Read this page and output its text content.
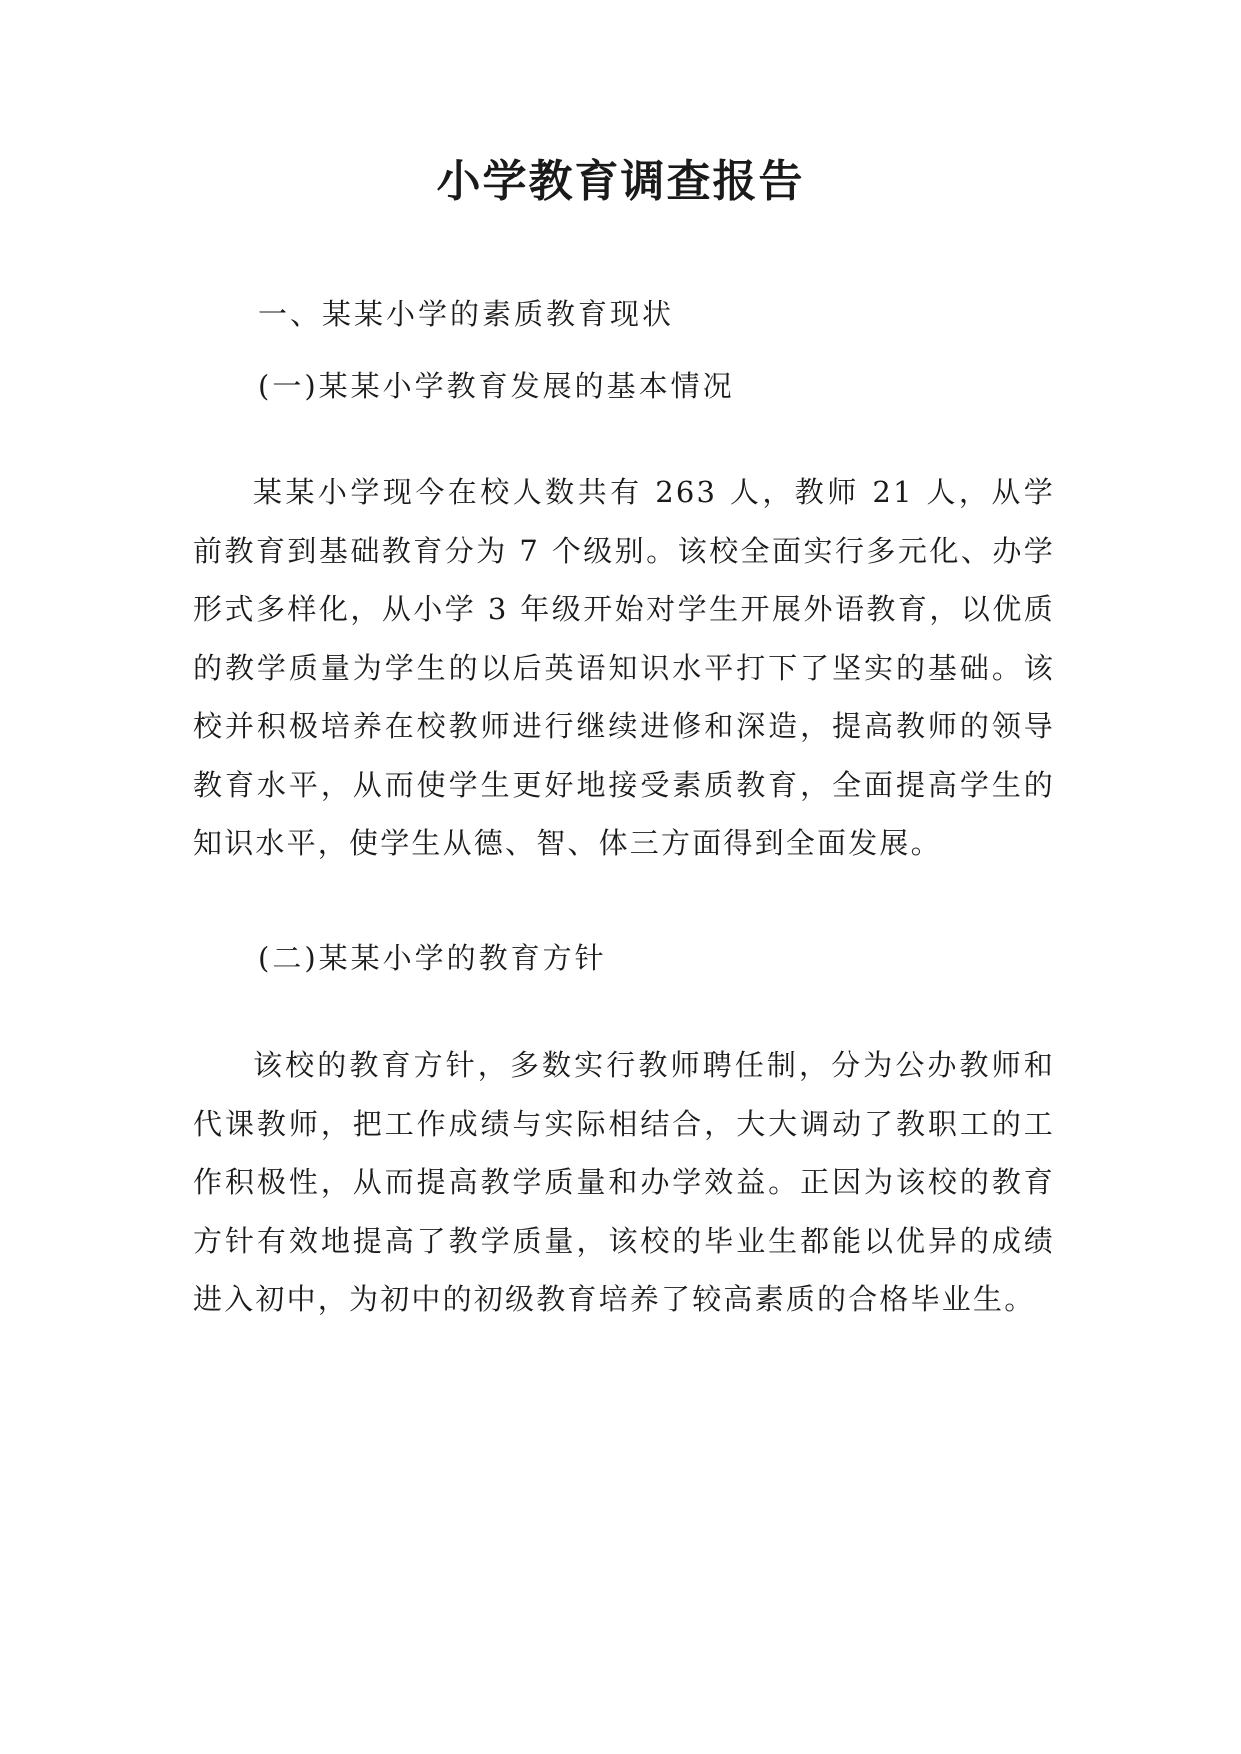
小学教育调查报告
一、某某小学的素质教育现状
(一)某某小学教育发展的基本情况

某某小学现今在校人数共有 263 人，教师 21 人，从学前教育到基础教育分为 7 个级别。该校全面实行多元化、办学形式多样化，从小学 3 年级开始对学生开展外语教育，以优质的教学质量为学生的以后英语知识水平打下了坚实的基础。该校并积极培养在校教师进行继续进修和深造，提高教师的领导教育水平，从而使学生更好地接受素质教育，全面提高学生的知识水平，使学生从德、智、体三方面得到全面发展。

(二)某某小学的教育方针

该校的教育方针，多数实行教师聘任制，分为公办教师和代课教师，把工作成绩与实际相结合，大大调动了教职工的工作积极性，从而提高教学质量和办学效益。正因为该校的教育方针有效地提高了教学质量，该校的毕业生都能以优异的成绩进入初中，为初中的初级教育培养了较高素质的合格毕业生。
